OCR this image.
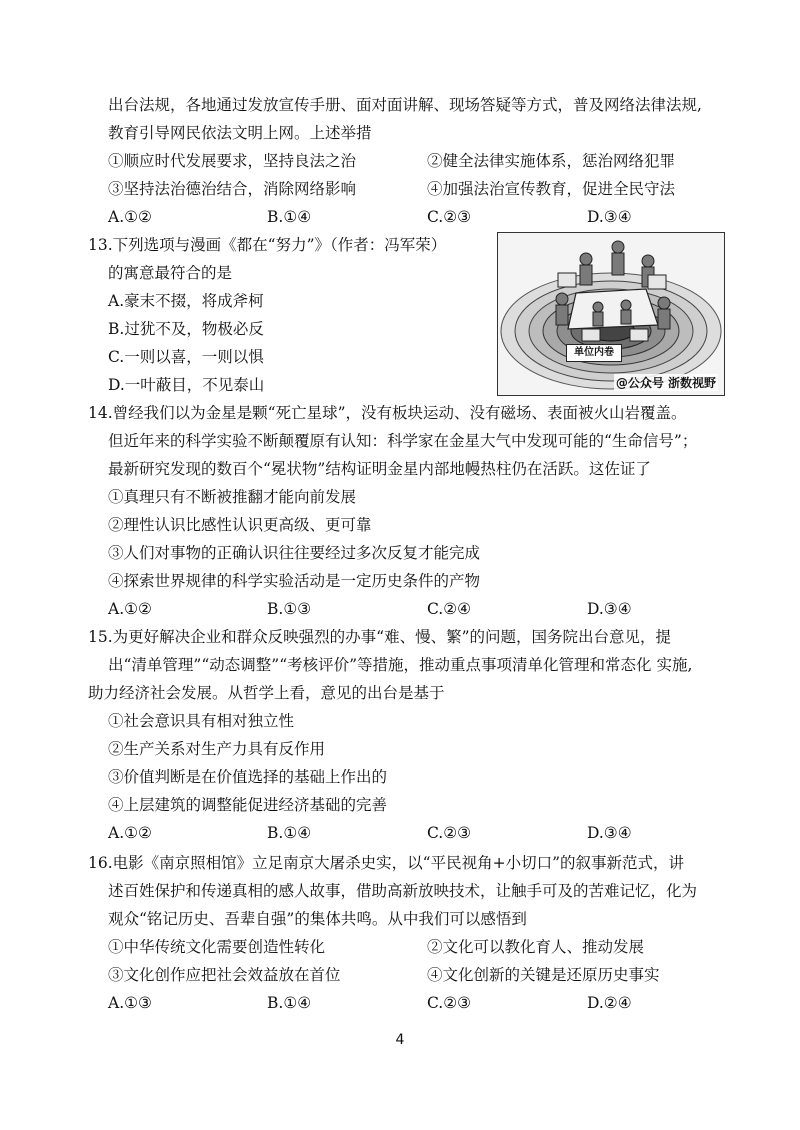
出台法规，各地通过发放宣传手册、面对面讲解、现场答疑等方式，普及网络法律法规,
教育引导网民依法文明上网。上述举措
①顺应时代发展要求，坚持良法之治	②健全法律实施体系，惩治网络犯罪
③坚持法治德治结合，消除网络影响	④加强法治宣传教育，促进全民守法
A.①②	B.①④	C.②③	D.③④
13.下列选项与漫画《都在“努力”》（作者：冯军荣）
的寓意最符合的是
A.豪末不掇，将成斧柯
B.过犹不及，物极必反
C.一则以喜，一则以惧
D.一叶蔽目，不见泰山
单位内卷
@公众号 浙数视野
14.曾经我们以为金星是颗“死亡星球”，没有板块运动、没有磁场、表面被火山岩覆盖。
但近年来的科学实验不断颠覆原有认知：科学家在金星大气中发现可能的“生命信号”；
最新研究发现的数百个“冕状物”结构证明金星内部地幔热柱仍在活跃。这佐证了
①真理只有不断被推翻才能向前发展
②理性认识比感性认识更高级、更可靠
③人们对事物的正确认识往往要经过多次反复才能完成
④探索世界规律的科学实验活动是一定历史条件的产物
A.①②	B.①③	C.②④	D.③④
15.为更好解决企业和群众反映强烈的办事“难、慢、繁”的问题，国务院出台意见，提
出“清单管理”“动态调整”“考核评价”等措施，推动重点事项清单化管理和常态化 实施,
助力经济社会发展。从哲学上看，意见的出台是基于
①社会意识具有相对独立性
②生产关系对生产力具有反作用
③价值判断是在价值选择的基础上作出的
④上层建筑的调整能促进经济基础的完善
A.①②	B.①④	C.②③	D.③④
16.电影《南京照相馆》立足南京大屠杀史实，以“平民视角+小切口”的叙事新范式，讲
述百姓保护和传递真相的感人故事，借助高新放映技术，让触手可及的苦难记忆，化为
观众“铭记历史、吾辈自强”的集体共鸣。从中我们可以感悟到
①中华传统文化需要创造性转化	②文化可以教化育人、推动发展
③文化创作应把社会效益放在首位	④文化创新的关键是还原历史事实
A.①③	B.①④	C.②③	D.②④
4
